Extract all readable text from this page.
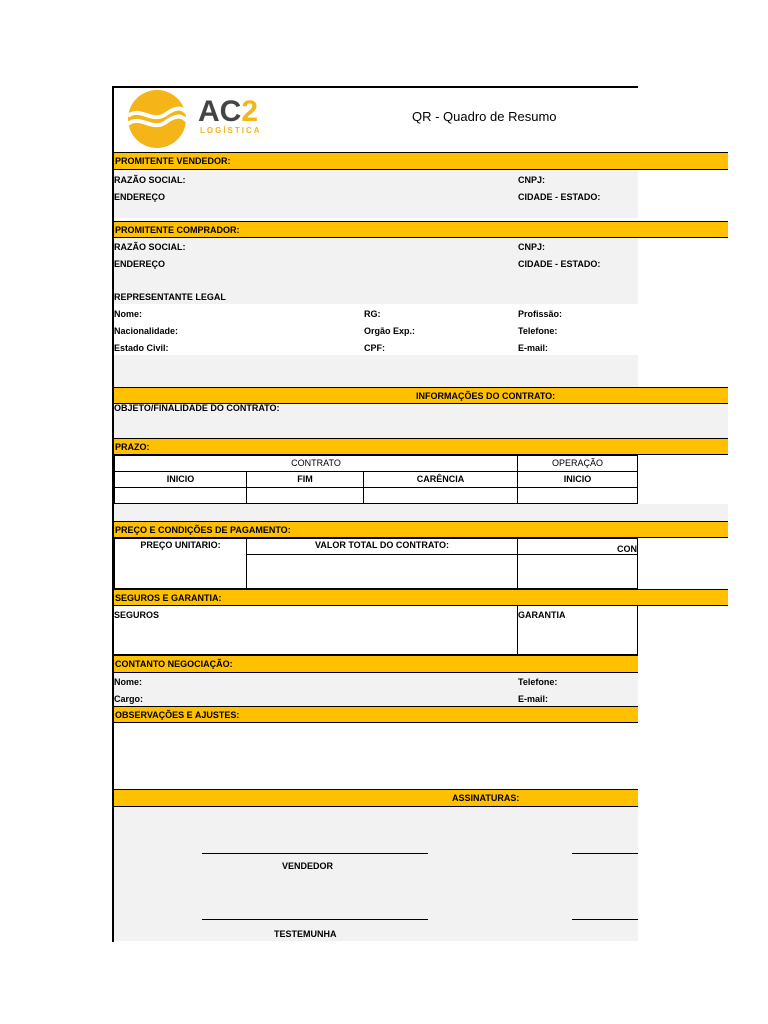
AC2
LOGÍSTICA
QR - Quadro de Resumo
PROMITENTE VENDEDOR:
RAZÃO SOCIAL:	CNPJ:
ENDEREÇO	CIDADE - ESTADO:
PROMITENTE COMPRADOR:
RAZÃO SOCIAL:	CNPJ:
ENDEREÇO	CIDADE - ESTADO:
REPRESENTANTE LEGAL
Nome:	RG:	Profissão:
Nacionalidade:	Orgão Exp.:	Telefone:
Estado Civil:	CPF:	E-mail:
INFORMAÇÕES DO CONTRATO:
OBJETO/FINALIDADE DO CONTRATO:
PRAZO:
CONTRATO	OPERAÇÃO
INICIO	FIM	CARÊNCIA	INICIO
PREÇO E CONDIÇÕES DE PAGAMENTO:
PREÇO UNITARIO:	VALOR TOTAL DO CONTRATO:	CON
SEGUROS E GARANTIA:
SEGUROS	GARANTIA
CONTANTO NEGOCIAÇÃO:
Nome:	Telefone:
Cargo:	E-mail:
OBSERVAÇÕES E AJUSTES:
ASSINATURAS:
VENDEDOR
TESTEMUNHA
